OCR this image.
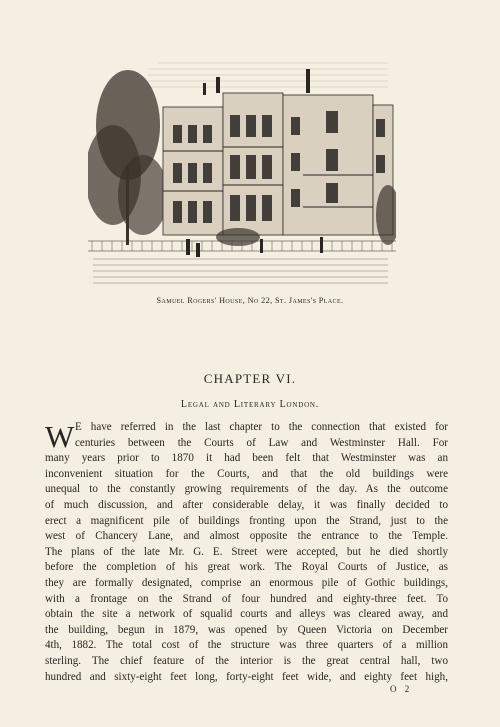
Samuel Rogers' House, No 22, St. James's Place.
CHAPTER VI.
Legal and Literary London.
W E have referred in the last chapter to the connection that existed for
centuries between the Courts of Law and Westminster Hall. For
many years prior to 1870 it had been felt that Westminster was an
inconvenient situation for the Courts, and that the old buildings were
unequal to the constantly growing requirements of the day. As the outcome
of much discussion, and after considerable delay, it was finally decided to
erect a magnificent pile of buildings fronting upon the Strand, just to the
west of Chancery Lane, and almost opposite the entrance to the Temple.
The plans of the late Mr. G. E. Street were accepted, but he died shortly
before the completion of his great work. The Royal Courts of Justice, as
they are formally designated, comprise an enormous pile of Gothic buildings,
with a frontage on the Strand of four hundred and eighty-three feet. To
obtain the site a network of squalid courts and alleys was cleared away, and
the building, begun in 1879, was opened by Queen Victoria on December
4th, 1882. The total cost of the structure was three quarters of a million
sterling. The chief feature of the interior is the great central hall, two
hundred and sixty-eight feet long, forty-eight feet wide, and eighty feet high,
O 2
